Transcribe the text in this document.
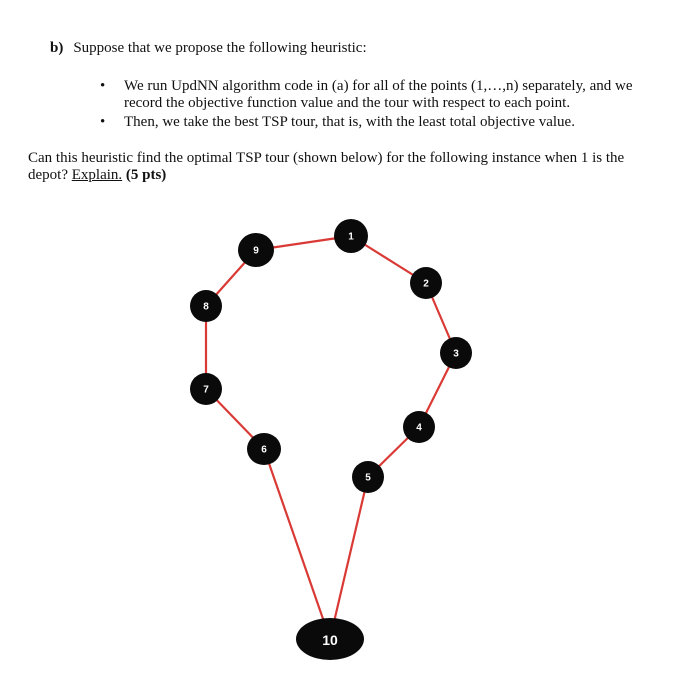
b) Suppose that we propose the following heuristic:
• We run UpdNN algorithm code in (a) for all of the points (1,…,n) separately, and we record the objective function value and the tour with respect to each point.
• Then, we take the best TSP tour, that is, with the least total objective value.
Can this heuristic find the optimal TSP tour (shown below) for the following instance when 1 is the depot? Explain. (5 pts)
1
2
3
4
5
6
7
8
9
10
